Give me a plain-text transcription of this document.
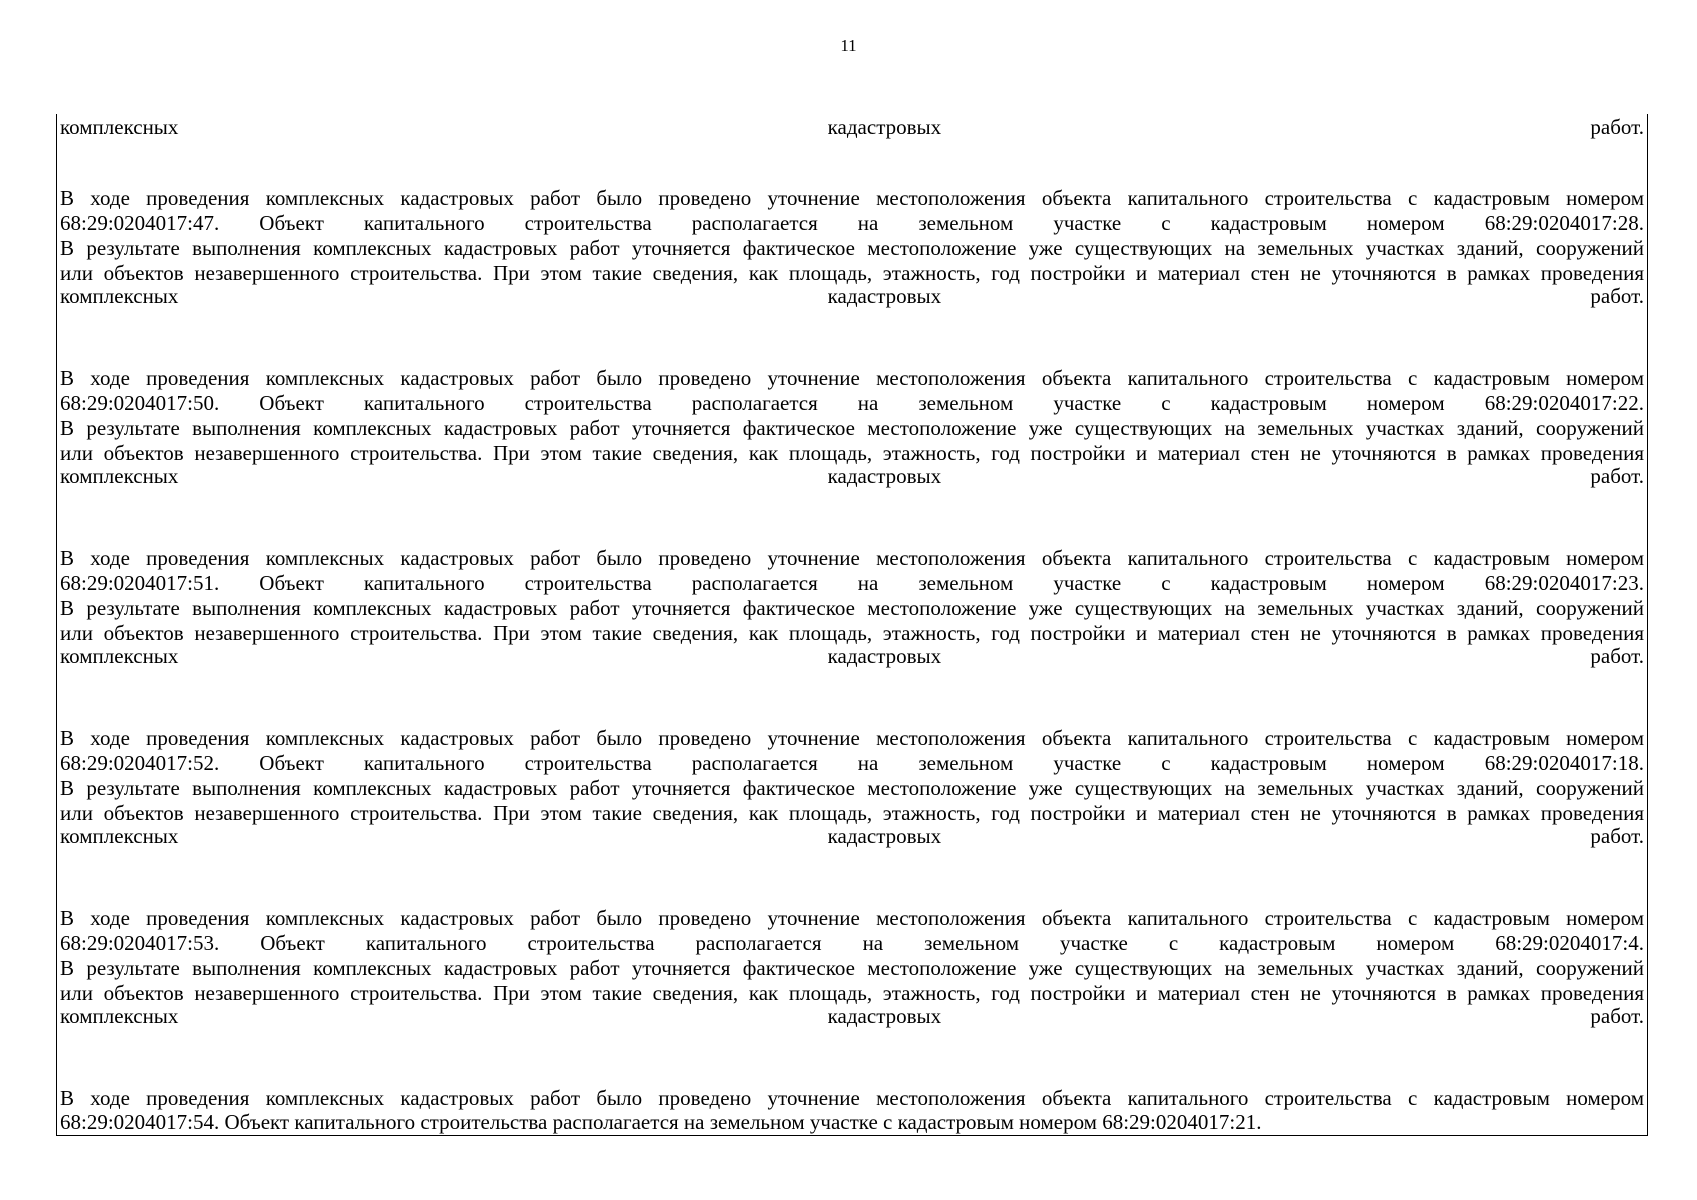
11
комплексных	кадастровых	работ.
В ходе проведения комплексных кадастровых работ было проведено уточнение местоположения объекта капитального строительства с кадастровым номером
68:29:0204017:47. Объект капитального строительства располагается на земельном участке с кадастровым номером 68:29:0204017:28.
В результате выполнения комплексных кадастровых работ уточняется фактическое местоположение уже существующих на земельных участках зданий, сооружений
или объектов незавершенного строительства. При этом такие сведения, как площадь, этажность, год постройки и материал стен не уточняются в рамках проведения
комплексных	кадастровых	работ.
В ходе проведения комплексных кадастровых работ было проведено уточнение местоположения объекта капитального строительства с кадастровым номером
68:29:0204017:50. Объект капитального строительства располагается на земельном участке с кадастровым номером 68:29:0204017:22.
В результате выполнения комплексных кадастровых работ уточняется фактическое местоположение уже существующих на земельных участках зданий, сооружений
или объектов незавершенного строительства. При этом такие сведения, как площадь, этажность, год постройки и материал стен не уточняются в рамках проведения
комплексных	кадастровых	работ.
В ходе проведения комплексных кадастровых работ было проведено уточнение местоположения объекта капитального строительства с кадастровым номером
68:29:0204017:51. Объект капитального строительства располагается на земельном участке с кадастровым номером 68:29:0204017:23.
В результате выполнения комплексных кадастровых работ уточняется фактическое местоположение уже существующих на земельных участках зданий, сооружений
или объектов незавершенного строительства. При этом такие сведения, как площадь, этажность, год постройки и материал стен не уточняются в рамках проведения
комплексных	кадастровых	работ.
В ходе проведения комплексных кадастровых работ было проведено уточнение местоположения объекта капитального строительства с кадастровым номером
68:29:0204017:52. Объект капитального строительства располагается на земельном участке с кадастровым номером 68:29:0204017:18.
В результате выполнения комплексных кадастровых работ уточняется фактическое местоположение уже существующих на земельных участках зданий, сооружений
или объектов незавершенного строительства. При этом такие сведения, как площадь, этажность, год постройки и материал стен не уточняются в рамках проведения
комплексных	кадастровых	работ.
В ходе проведения комплексных кадастровых работ было проведено уточнение местоположения объекта капитального строительства с кадастровым номером
68:29:0204017:53. Объект капитального строительства располагается на земельном участке с кадастровым номером 68:29:0204017:4.
В результате выполнения комплексных кадастровых работ уточняется фактическое местоположение уже существующих на земельных участках зданий, сооружений
или объектов незавершенного строительства. При этом такие сведения, как площадь, этажность, год постройки и материал стен не уточняются в рамках проведения
комплексных	кадастровых	работ.
В ходе проведения комплексных кадастровых работ было проведено уточнение местоположения объекта капитального строительства с кадастровым номером
68:29:0204017:54. Объект капитального строительства располагается на земельном участке с кадастровым номером 68:29:0204017:21.
